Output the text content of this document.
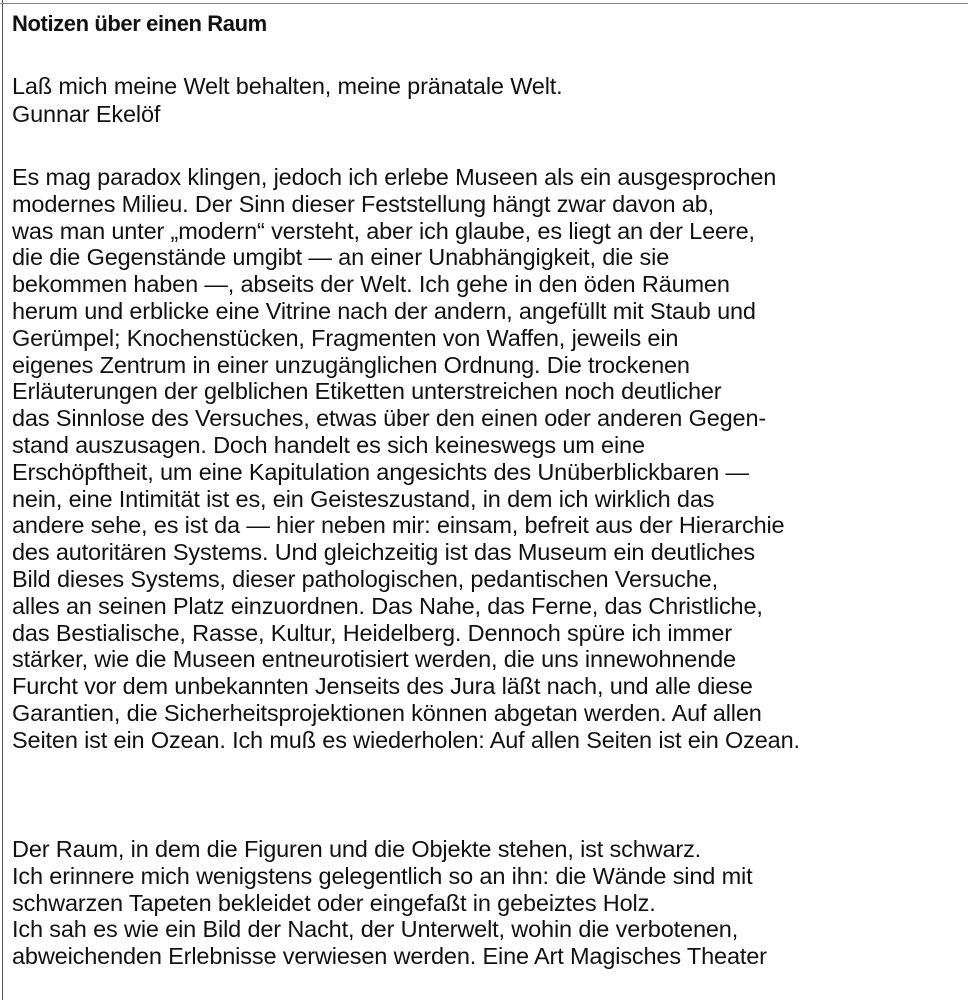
Notizen über einen Raum
Laß mich meine Welt behalten, meine pränatale Welt.
Gunnar Ekelöf
Es mag paradox klingen, jedoch ich erlebe Museen als ein ausgesprochen
modernes Milieu. Der Sinn dieser Feststellung hängt zwar davon ab,
was man unter „modern“ versteht, aber ich glaube, es liegt an der Leere,
die die Gegenstände umgibt — an einer Unabhängigkeit, die sie
bekommen haben —, abseits der Welt. Ich gehe in den öden Räumen
herum und erblicke eine Vitrine nach der andern, angefüllt mit Staub und
Gerümpel; Knochenstücken, Fragmenten von Waffen, jeweils ein
eigenes Zentrum in einer unzugänglichen Ordnung. Die trockenen
Erläuterungen der gelblichen Etiketten unterstreichen noch deutlicher
das Sinnlose des Versuches, etwas über den einen oder anderen Gegen-
stand auszusagen. Doch handelt es sich keineswegs um eine
Erschöpftheit, um eine Kapitulation angesichts des Unüberblickbaren —
nein, eine Intimität ist es, ein Geisteszustand, in dem ich wirklich das
andere sehe, es ist da — hier neben mir: einsam, befreit aus der Hierarchie
des autoritären Systems. Und gleichzeitig ist das Museum ein deutliches
Bild dieses Systems, dieser pathologischen, pedantischen Versuche,
alles an seinen Platz einzuordnen. Das Nahe, das Ferne, das Christliche,
das Bestialische, Rasse, Kultur, Heidelberg. Dennoch spüre ich immer
stärker, wie die Museen entneurotisiert werden, die uns innewohnende
Furcht vor dem unbekannten Jenseits des Jura läßt nach, und alle diese
Garantien, die Sicherheitsprojektionen können abgetan werden. Auf allen
Seiten ist ein Ozean. Ich muß es wiederholen: Auf allen Seiten ist ein Ozean.
Der Raum, in dem die Figuren und die Objekte stehen, ist schwarz.
Ich erinnere mich wenigstens gelegentlich so an ihn: die Wände sind mit
schwarzen Tapeten bekleidet oder eingefaßt in gebeiztes Holz.
Ich sah es wie ein Bild der Nacht, der Unterwelt, wohin die verbotenen,
abweichenden Erlebnisse verwiesen werden. Eine Art Magisches Theater
